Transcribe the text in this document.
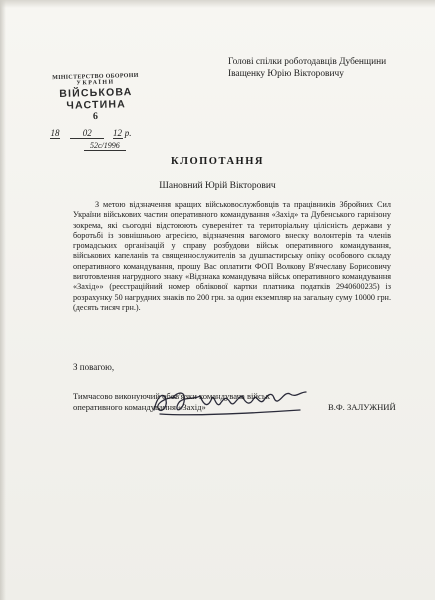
Голові спілки роботодавців Дубенщини
Іващенку Юрію Вікторовичу
МІНІСТЕРСТВО ОБОРОНИ
УКРАЇНИ
ВІЙСЬКОВА ЧАСТИНА
6
18	02 12 р.
52с/1996
КЛОПОТАННЯ
Шановний Юрій Вікторович

З метою відзначення кращих військовослужбовців та працівників Збройних Сил України військових частин оперативного командування «Захід» та Дубенського гарнізону зокрема, які сьогодні відстоюють суверенітет та територіальну цілісність держави у боротьбі із зовнішньою агресією, відзначення вагомого внеску волонтерів та членів громадських організацій у справу розбудови військ оперативного командування, військових капеланів та священнослужителів за душпастирську опіку особового складу оперативного командування, прошу Вас оплатити ФОП Волкову В'ячеславу Борисовичу виготовлення нагрудного знаку «Відзнака командувача військ оперативного командування «Захід»» (реєстраційний номер облікової картки платника податків 2940600235) із розрахунку 50 нагрудних знаків по 200 грн. за один екземпляр на загальну суму 10000 грн. (десять тисяч грн.).

З повагою,
Тимчасово виконуючий обов'язки командувача військ
оперативного командування «Захід»	В.Ф. ЗАЛУЖНИЙ
